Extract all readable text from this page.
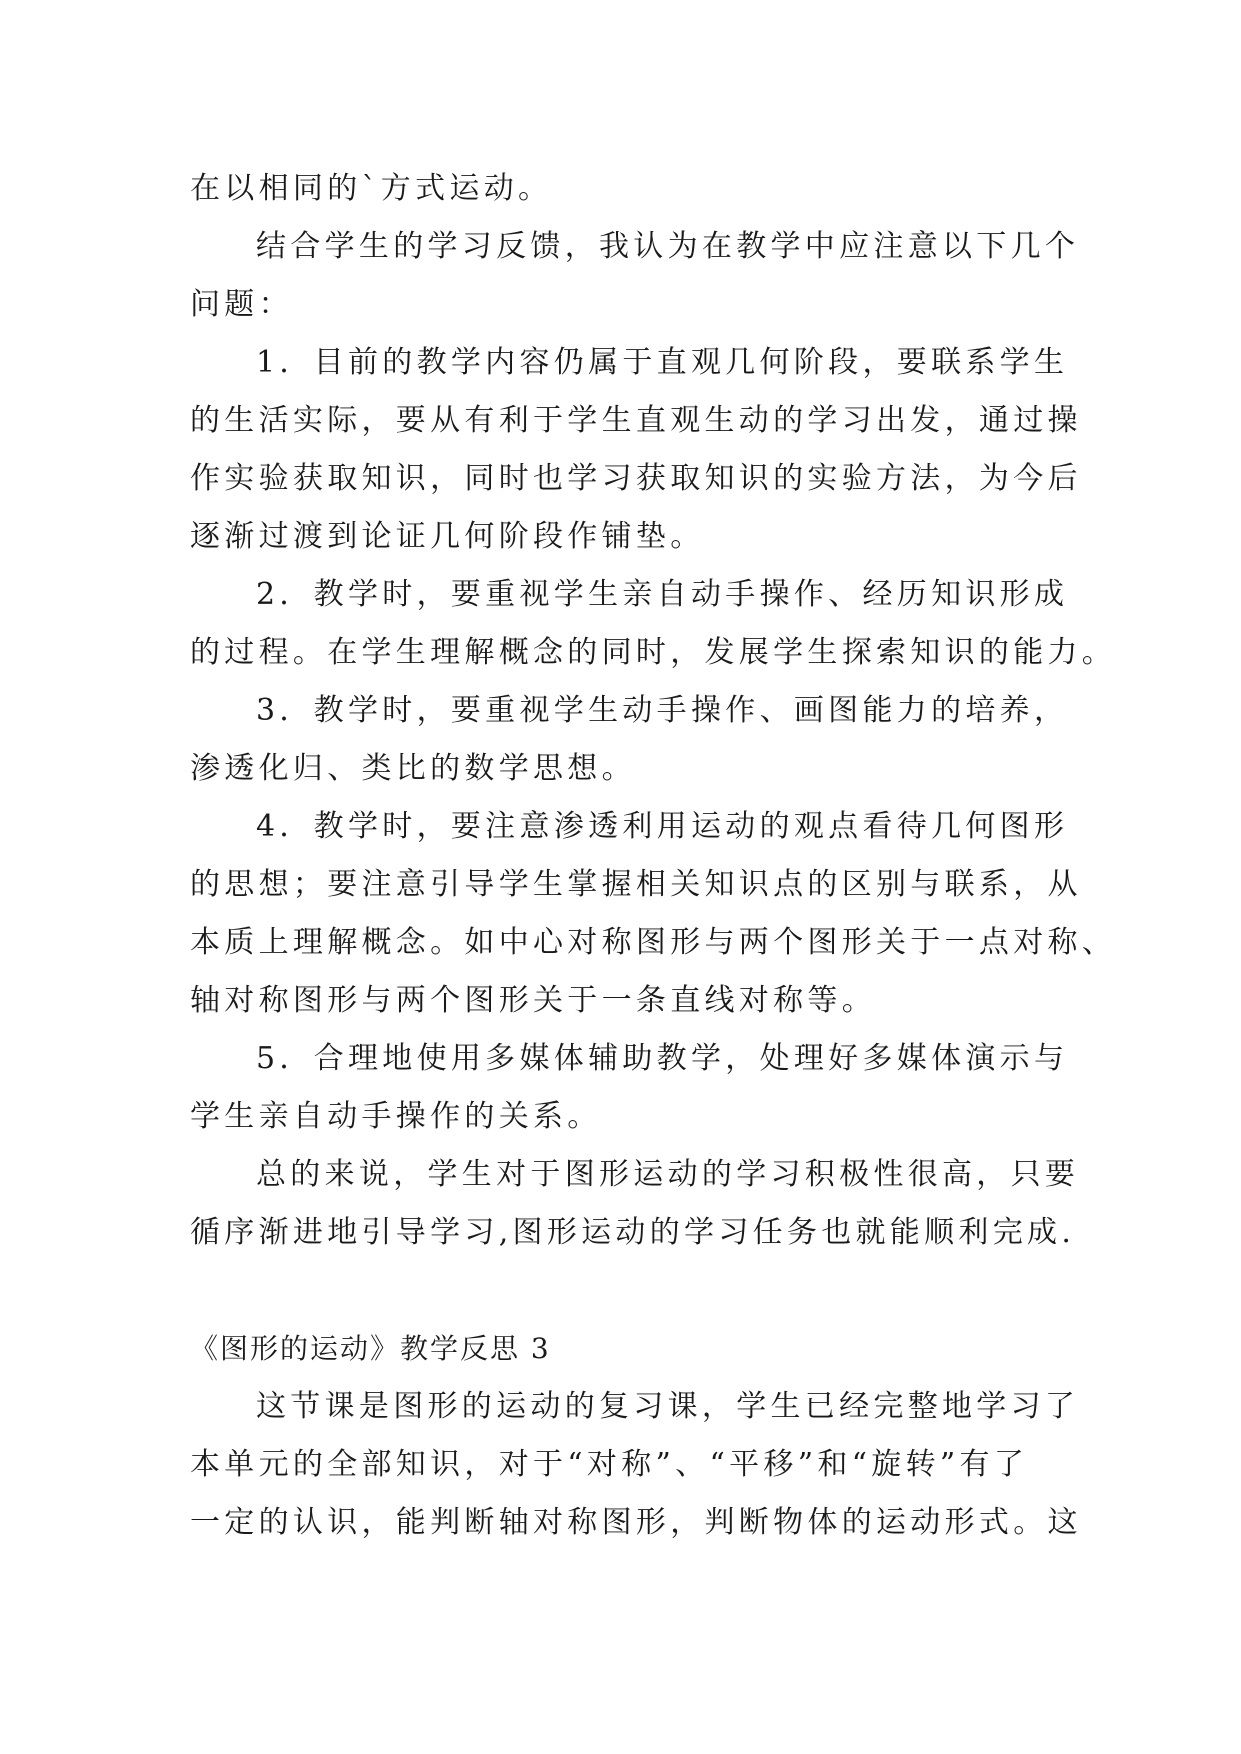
在以相同的`方式运动。
结合学生的学习反馈，我认为在教学中应注意以下几个
问题：
1．目前的教学内容仍属于直观几何阶段，要联系学生
的生活实际，要从有利于学生直观生动的学习出发，通过操
作实验获取知识，同时也学习获取知识的实验方法，为今后
逐渐过渡到论证几何阶段作铺垫。
2．教学时，要重视学生亲自动手操作、经历知识形成
的过程。在学生理解概念的同时，发展学生探索知识的能力。
3．教学时，要重视学生动手操作、画图能力的培养，
渗透化归、类比的数学思想。
4．教学时，要注意渗透利用运动的观点看待几何图形
的思想；要注意引导学生掌握相关知识点的区别与联系，从
本质上理解概念。如中心对称图形与两个图形关于一点对称、
轴对称图形与两个图形关于一条直线对称等。
5．合理地使用多媒体辅助教学，处理好多媒体演示与
学生亲自动手操作的关系。
总的来说，学生对于图形运动的学习积极性很高，只要
循序渐进地引导学习,图形运动的学习任务也就能顺利完成.
《图形的运动》教学反思 3
这节课是图形的运动的复习课，学生已经完整地学习了
本单元的全部知识，对于“对称”、“平移”和“旋转”有了
一定的认识，能判断轴对称图形，判断物体的运动形式。这
